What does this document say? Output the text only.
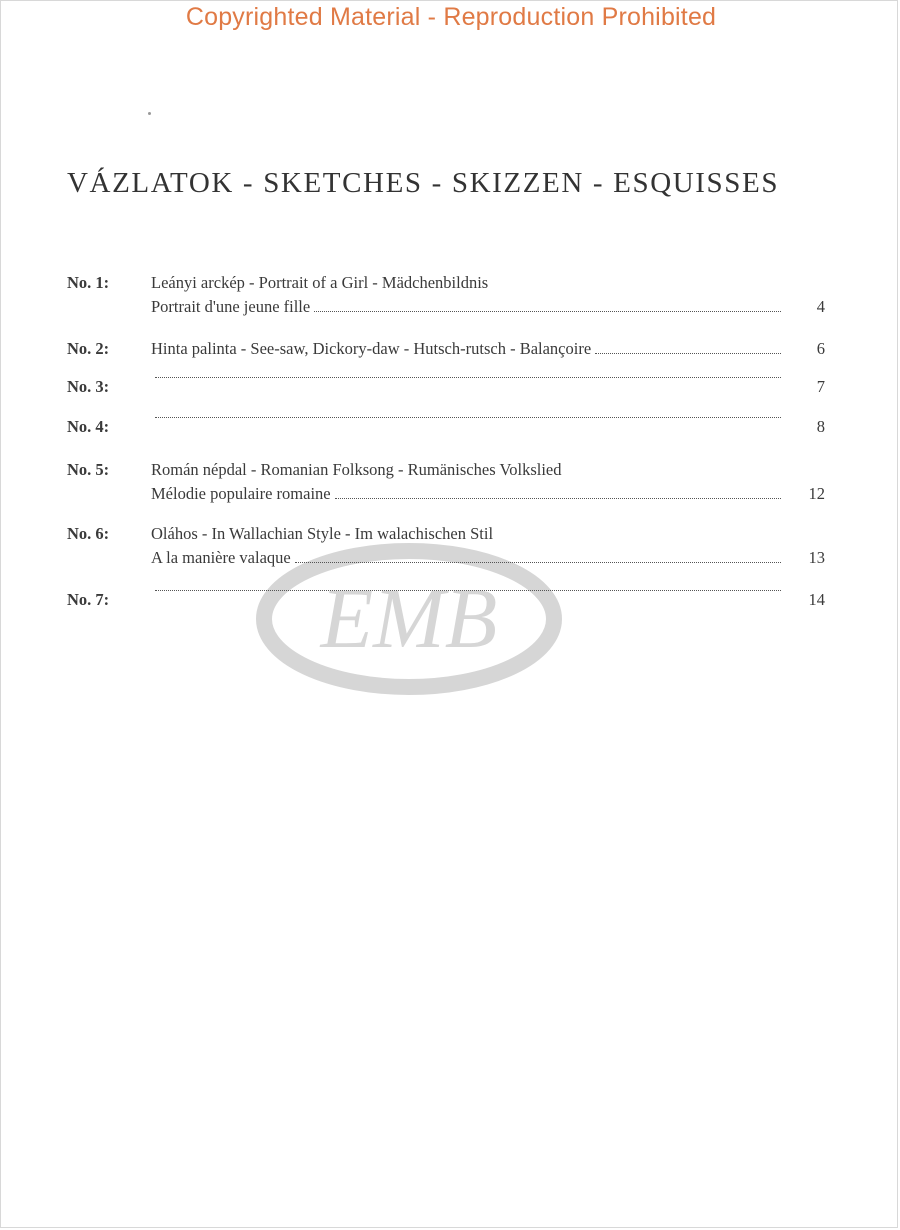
Copyrighted Material - Reproduction Prohibited
VÁZLATOK - SKETCHES - SKIZZEN - ESQUISSES
EMB
No. 1:	Leányi arckép - Portrait of a Girl - Mädchenbildnis
Portrait d'une jeune fille	4
No. 2:	Hinta palinta - See-saw, Dickory-daw - Hutsch-rutsch - Balançoire	6
No. 3:	7
No. 4:	8
No. 5:	Román népdal - Romanian Folksong - Rumänisches Volkslied
Mélodie populaire romaine	12
No. 6:	Oláhos - In Wallachian Style - Im walachischen Stil
A la manière valaque	13
No. 7:	14
